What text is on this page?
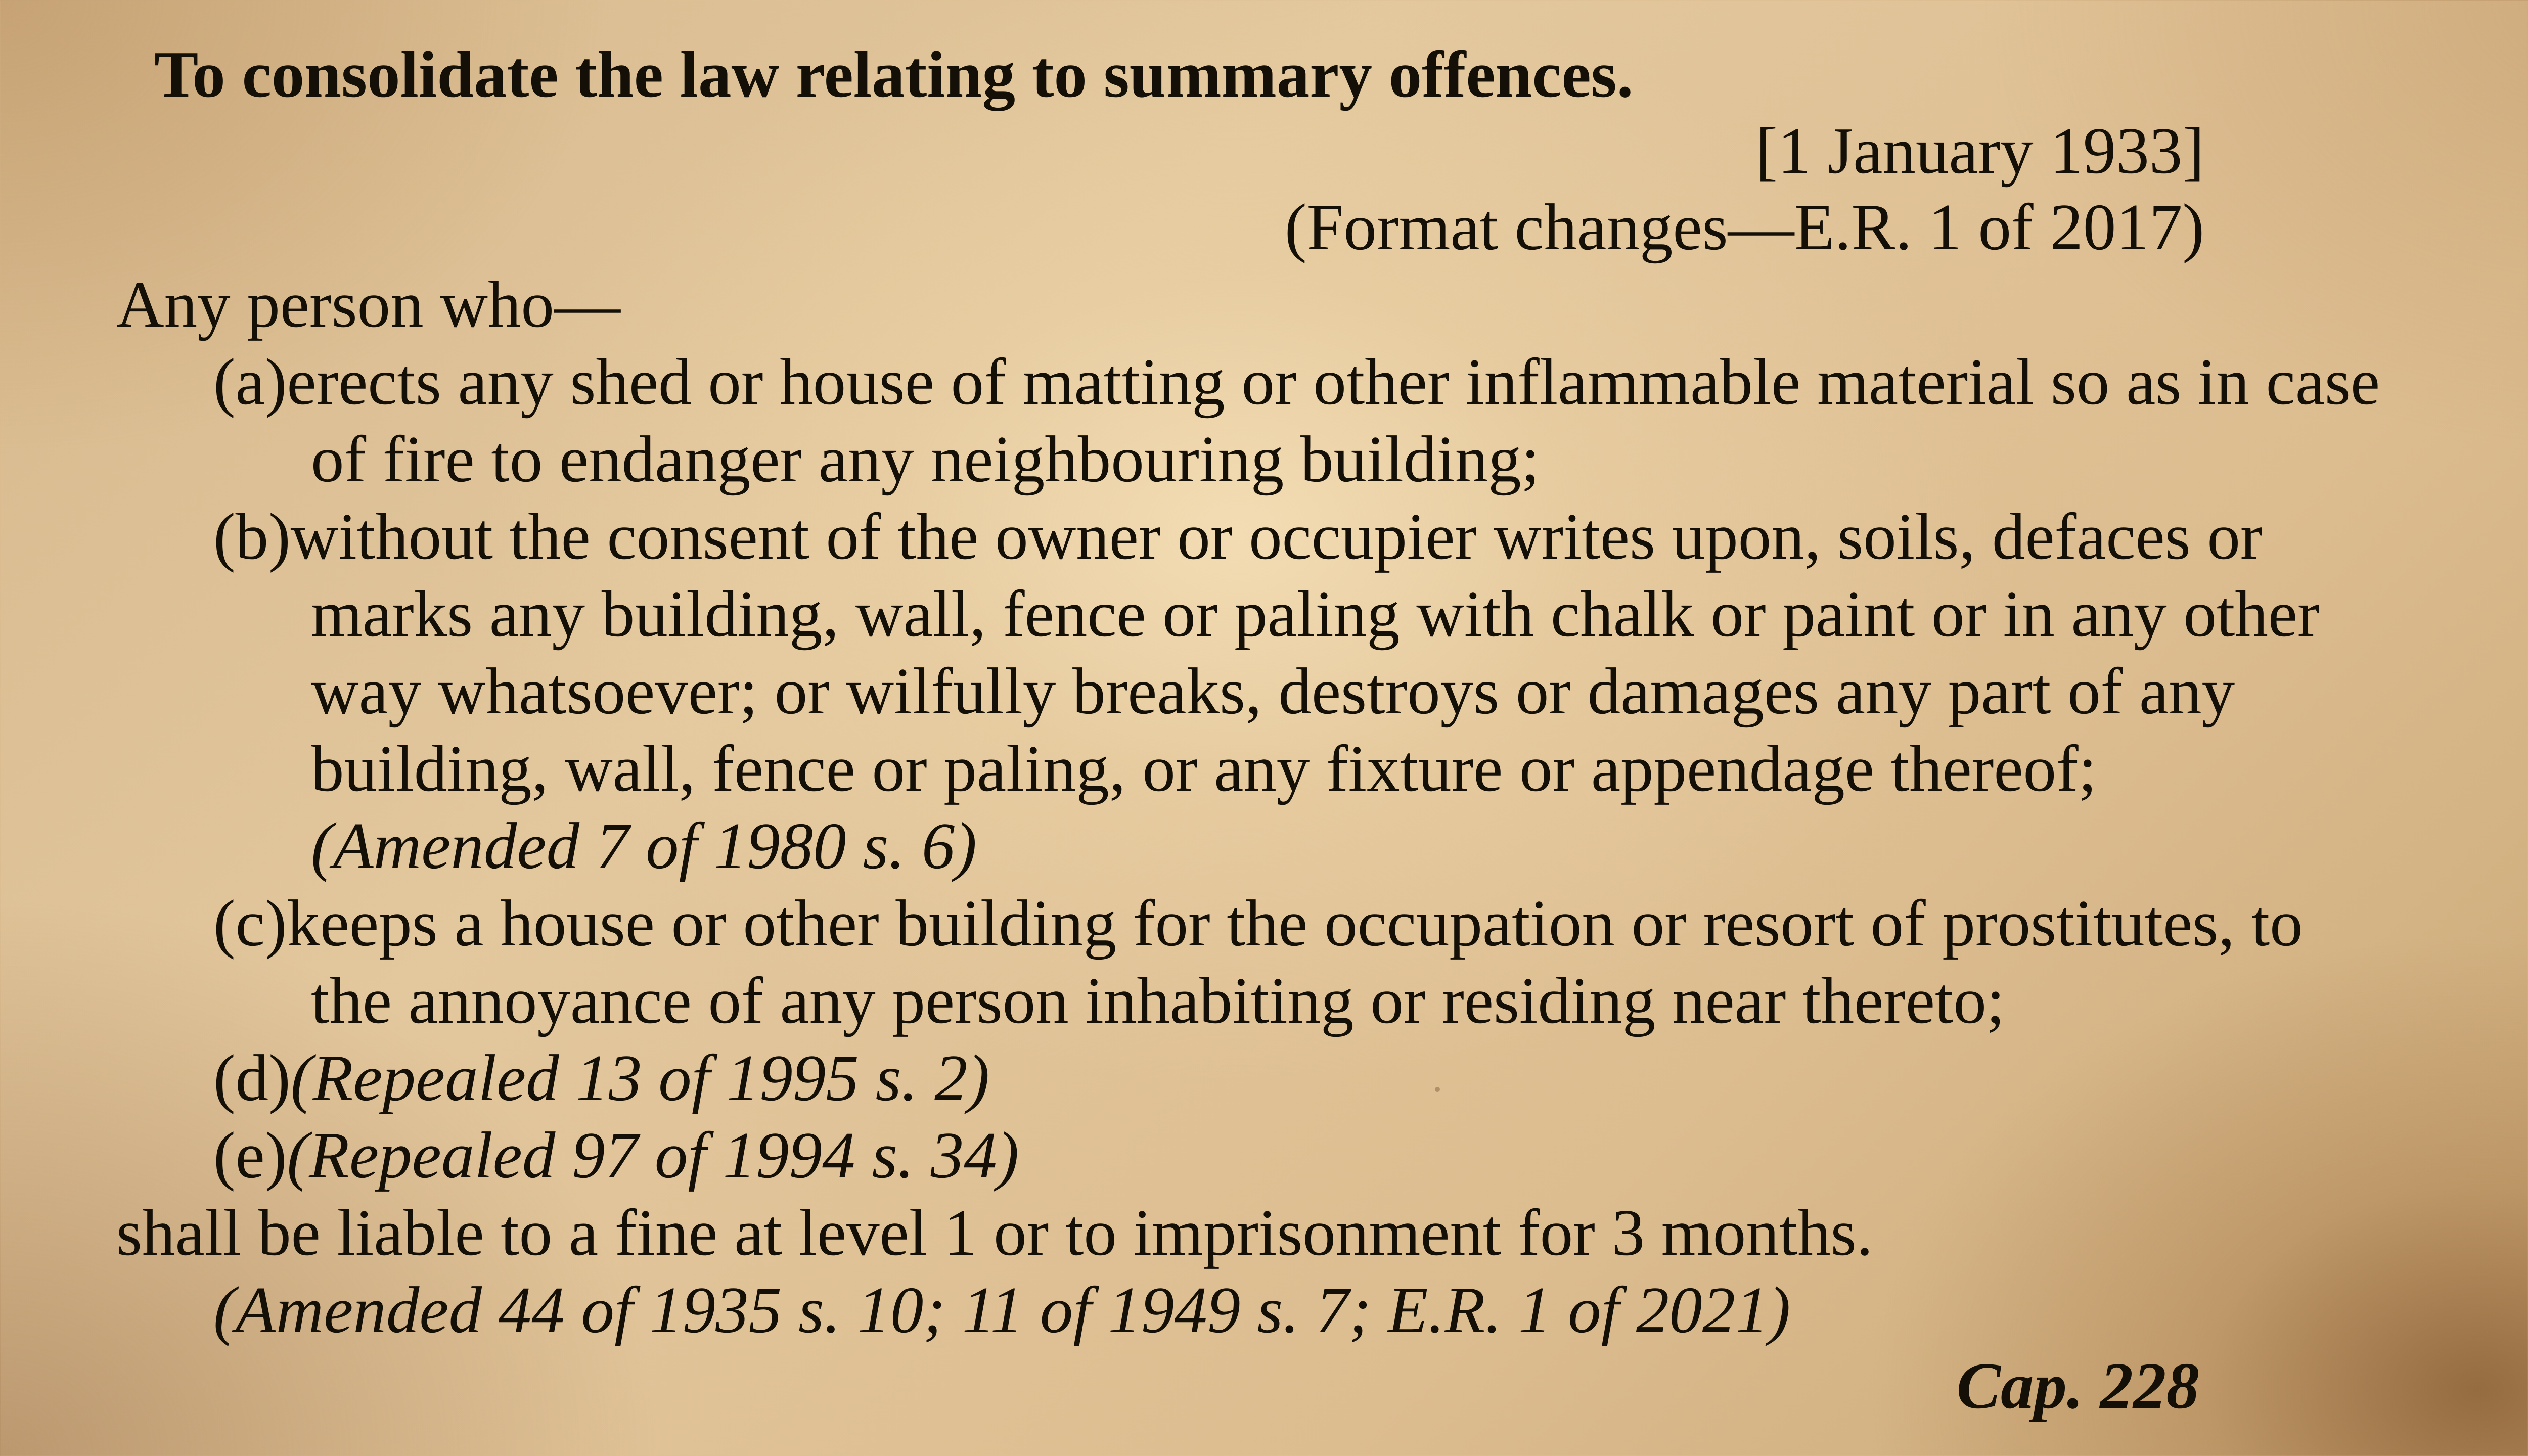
To consolidate the law relating to summary offences.

[1 January 1933]

(Format changes—E.R. 1 of 2017)

Any person who—

(a)erects any shed or house of matting or other inflammable material so as in case

of fire to endanger any neighbouring building;

(b)without the consent of the owner or occupier writes upon, soils, defaces or

marks any building, wall, fence or paling with chalk or paint or in any other

way whatsoever; or wilfully breaks, destroys or damages any part of any

building, wall, fence or paling, or any fixture or appendage thereof;

(Amended 7 of 1980 s. 6)

(c)keeps a house or other building for the occupation or resort of prostitutes, to

the annoyance of any person inhabiting or residing near thereto;

(d)(Repealed 13 of 1995 s. 2)

(e)(Repealed 97 of 1994 s. 34)

shall be liable to a fine at level 1 or to imprisonment for 3 months.

(Amended 44 of 1935 s. 10; 11 of 1949 s. 7; E.R. 1 of 2021)

Cap. 228
